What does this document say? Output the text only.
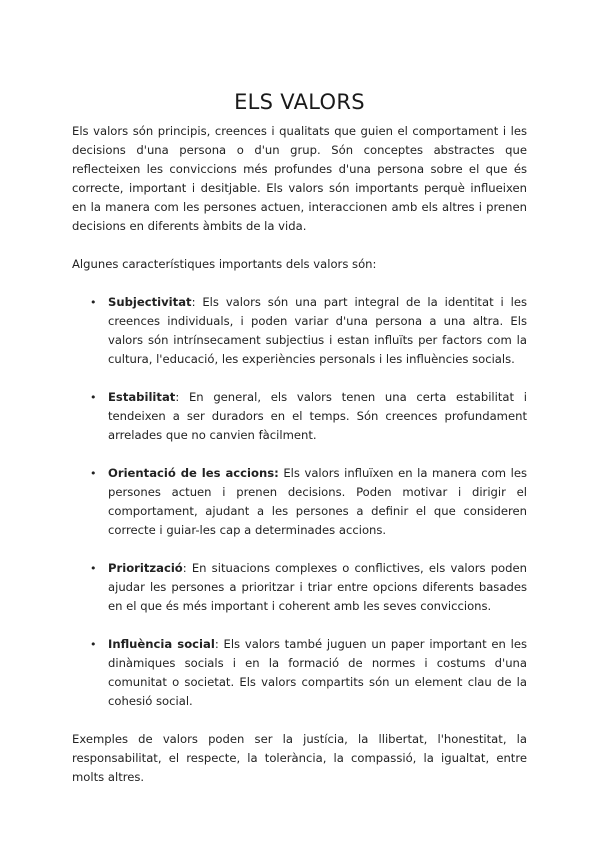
ELS VALORS

Els valors són principis, creences i qualitats que guien el comportament i les decisions d'una persona o d'un grup. Són conceptes abstractes que reflecteixen les conviccions més profundes d'una persona sobre el que és correcte, important i desitjable. Els valors són importants perquè influeixen en la manera com les persones actuen, interaccionen amb els altres i prenen decisions en diferents àmbits de la vida.

Algunes característiques importants dels valors són:

• Subjectivitat: Els valors són una part integral de la identitat i les creences individuals, i poden variar d'una persona a una altra. Els valors són intrínsecament subjectius i estan influïts per factors com la cultura, l'educació, les experiències personals i les influències socials.
• Estabilitat: En general, els valors tenen una certa estabilitat i tendeixen a ser duradors en el temps. Són creences profundament arrelades que no canvien fàcilment.
• Orientació de les accions: Els valors influïxen en la manera com les persones actuen i prenen decisions. Poden motivar i dirigir el comportament, ajudant a les persones a definir el que consideren correcte i guiar-les cap a determinades accions.
• Priorització: En situacions complexes o conflictives, els valors poden ajudar les persones a prioritzar i triar entre opcions diferents basades en el que és més important i coherent amb les seves conviccions.
• Influència social: Els valors també juguen un paper important en les dinàmiques socials i en la formació de normes i costums d'una comunitat o societat. Els valors compartits són un element clau de la cohesió social.

Exemples de valors poden ser la justícia, la llibertat, l'honestitat, la responsabilitat, el respecte, la tolerància, la compassió, la igualtat, entre molts altres.
